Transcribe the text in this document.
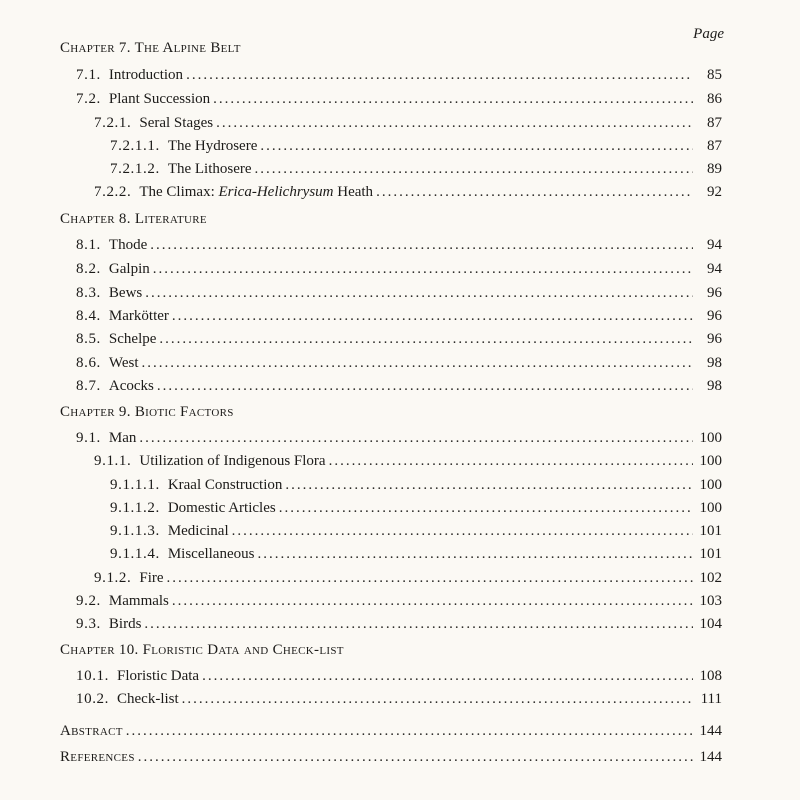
Page
Chapter 7. The Alpine Belt
7.1. Introduction .....	85
7.2. Plant Succession .....	86
7.2.1. Seral Stages .....	87
7.2.1.1. The Hydrosere .....	87
7.2.1.2. The Lithosere .....	89
7.2.2. The Climax: Erica-Helichrysum Heath .....	92
Chapter 8. Literature
8.1. Thode .....	94
8.2. Galpin .....	94
8.3. Bews .....	96
8.4. Markötter .....	96
8.5. Schelpe .....	96
8.6. West .....	98
8.7. Acocks .....	98
Chapter 9. Biotic Factors
9.1. Man .....	100
9.1.1. Utilization of Indigenous Flora .....	100
9.1.1.1. Kraal Construction .....	100
9.1.1.2. Domestic Articles .....	100
9.1.1.3. Medicinal .....	101
9.1.1.4. Miscellaneous .....	101
9.1.2. Fire .....	102
9.2. Mammals .....	103
9.3. Birds .....	104
Chapter 10. Floristic Data and Check-list
10.1. Floristic Data .....	108
10.2. Check-list .....	111
Abstract .....	144
References .....	144
